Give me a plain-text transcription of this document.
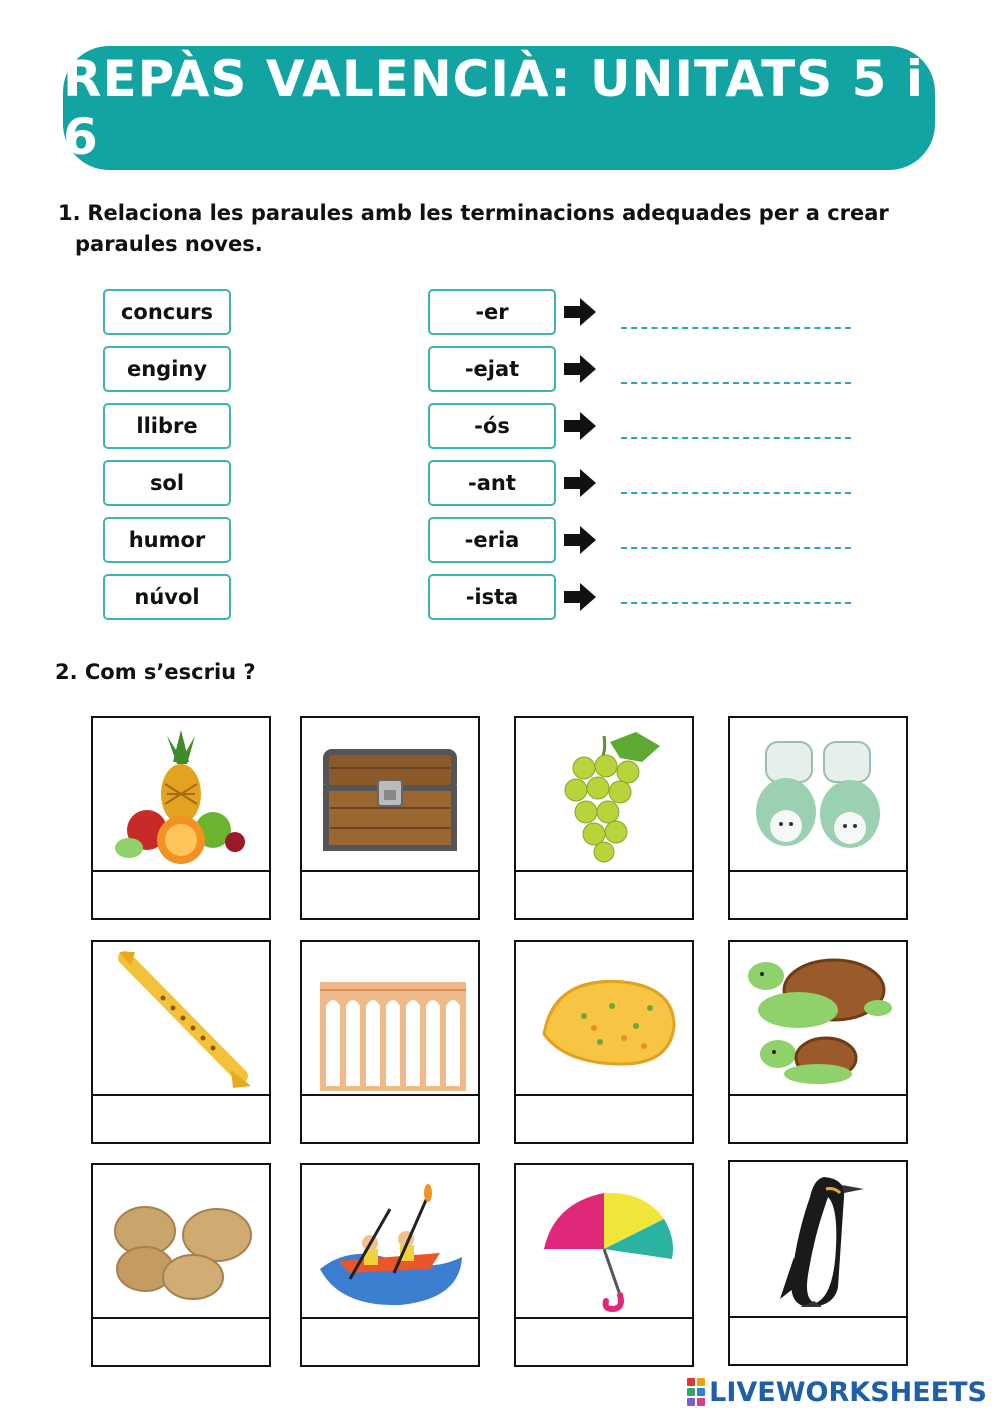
REPÀS VALENCIÀ: UNITATS 5 i 6
1. Relaciona les paraules amb les terminacions adequades per a crear
paraules noves.
concurs
enginy
llibre
sol
humor
núvol
-er
-ejat
-ós
-ant
-eria
-ista
2. Com s’escriu ?
LIVEWORKSHEETS
